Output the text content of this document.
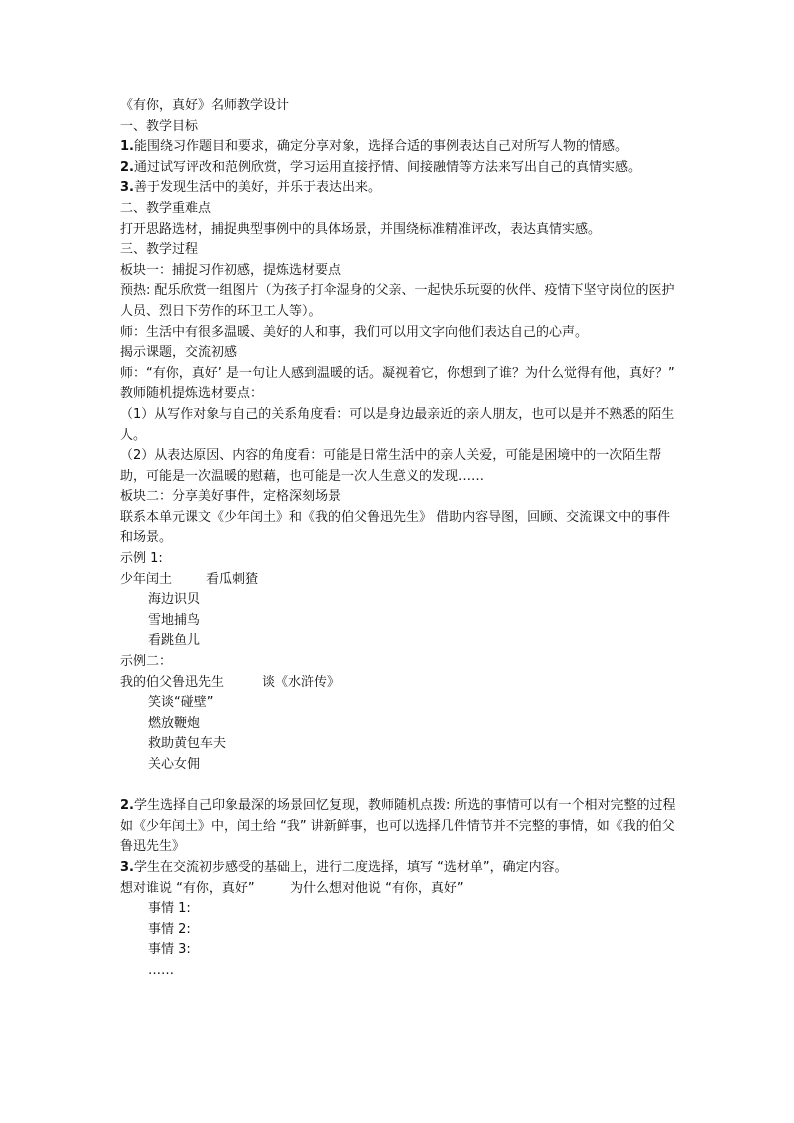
《有你，真好》名师教学设计
一、教学目标
1.能围绕习作题目和要求，确定分享对象，选择合适的事例表达自己对所写人物的情感。
2.通过试写评改和范例欣赏，学习运用直接抒情、间接融情等方法来写出自己的真情实感。
3.善于发现生活中的美好，并乐于表达出来。
二、教学重难点
打开思路选材，捕捉典型事例中的具体场景，并围绕标准精准评改，表达真情实感。
三、教学过程
板块一：捕捉习作初感，提炼选材要点
预热: 配乐欣赏一组图片（为孩子打伞湿身的父亲、一起快乐玩耍的伙伴、疫情下坚守岗位的医护人员、烈日下劳作的环卫工人等）。
师：生活中有很多温暖、美好的人和事，我们可以用文字向他们表达自己的心声。
揭示课题，交流初感
师：“有你，真好’ 是一句让人感到温暖的话。凝视着它，你想到了谁？为什么觉得有他，真好？”
教师随机提炼选材要点：
（1）从写作对象与自己的关系角度看：可以是身边最亲近的亲人朋友，也可以是并不熟悉的陌生人。
（2）从表达原因、内容的角度看：可能是日常生活中的亲人关爱，可能是困境中的一次陌生帮助，可能是一次温暖的慰藉，也可能是一次人生意义的发现……
板块二：分享美好事件，定格深刻场景
联系本单元课文《少年闰土》和《我的伯父鲁迅先生》 借助内容导图，回顾、交流课文中的事件和场景。
示例 1:
少年闰土	看瓜刺猹
海边识贝
雪地捕鸟
看跳鱼儿
示例二：
我的伯父鲁迅先生	谈《水浒传》
笑谈“碰壁”
燃放鞭炮
救助黄包车夫
关心女佣
2.学生选择自己印象最深的场景回忆复现，教师随机点拨: 所选的事情可以有一个相对完整的过程如《少年闰土》中，闰土给 “我” 讲新鲜事，也可以选择几件情节并不完整的事情，如《我的伯父鲁迅先生》
3.学生在交流初步感受的基础上，进行二度选择，填写 “选材单”，确定内容。
想对谁说 “有你，真好”	为什么想对他说 “有你，真好”
事情 1:
事情 2:
事情 3:
……
